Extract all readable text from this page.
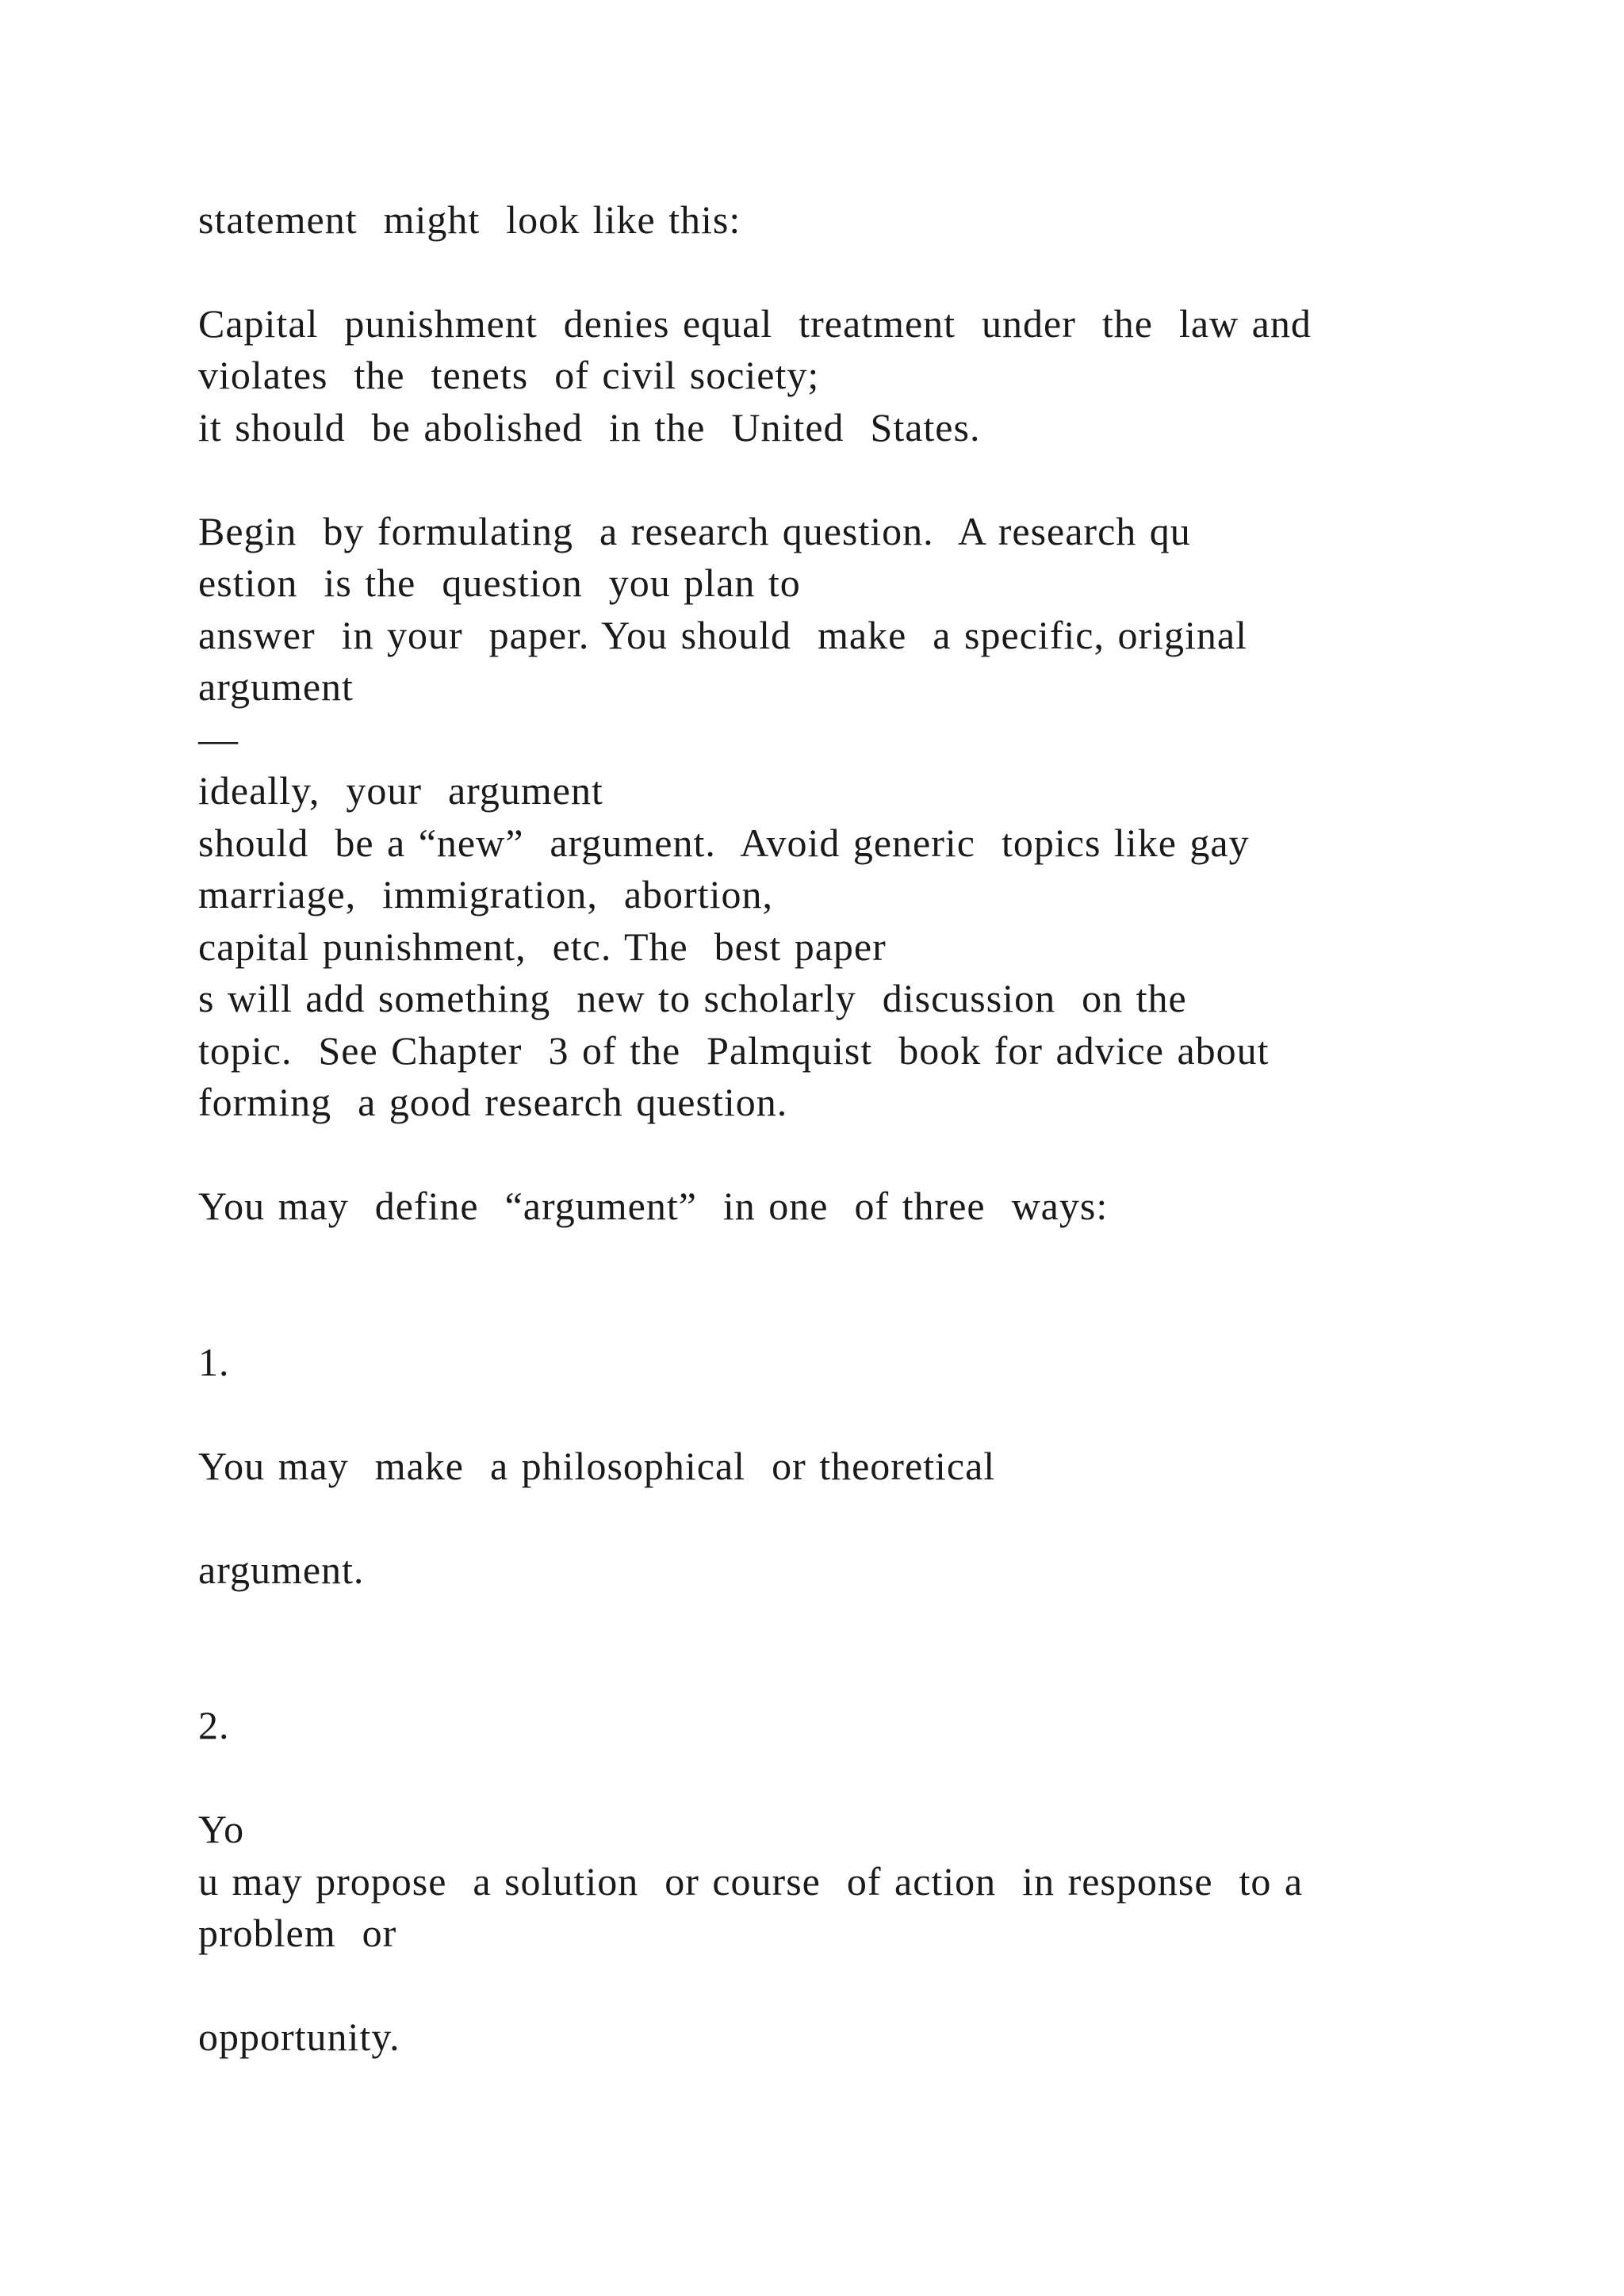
statement  might  look like this:

Capital  punishment  denies equal  treatment  under  the  law and

violates  the  tenets  of civil society;

it should  be abolished  in the  United  States.

Begin  by formulating  a research question.  A research qu

estion  is the  question  you plan to

answer  in your  paper. You should  make  a specific, original

argument

—

ideally,  your  argument

should  be a “new”  argument.  Avoid generic  topics like gay

marriage,  immigration,  abortion,

capital punishment,  etc. The  best paper

s will add something  new to scholarly  discussion  on the

topic.  See Chapter  3 of the  Palmquist  book for advice about

forming  a good research question.

You may  define  “argument”  in one  of three  ways:

1.

You may  make  a philosophical  or theoretical

argument.

2.

Yo

u may propose  a solution  or course  of action  in response  to a

problem  or

opportunity.
